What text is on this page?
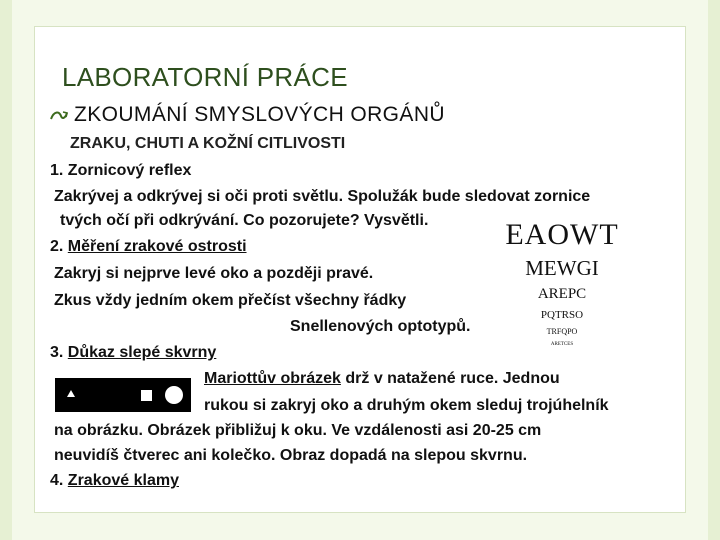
LABORATORNÍ PRÁCE
ZKOUMÁNÍ SMYSLOVÝCH ORGÁNŮ
ZRAKU, CHUTI A KOŽNÍ CITLIVOSTI
1. Zornicový reflex
Zakrývej a odkrývej si oči proti světlu. Spolužák bude sledovat zornice
tvých očí při odkrývání. Co pozorujete? Vysvětli.
2. Měření zrakové ostrosti
Zakryj si nejprve levé oko a později pravé.
Zkus vždy jedním okem přečíst všechny řádky
Snellenových optotypů.
EAOWT
MEWGI
AREPC
PQTRSO
TRFQPO
ARETCES
3. Důkaz slepé skvrny
Mariottův obrázek drž v natažené ruce. Jednou
rukou si zakryj oko a druhým okem sleduj trojúhelník
na obrázku. Obrázek přibližuj k oku. Ve vzdálenosti asi 20-25 cm
neuvidíš čtverec ani kolečko. Obraz dopadá na slepou skvrnu.
4. Zrakové klamy
